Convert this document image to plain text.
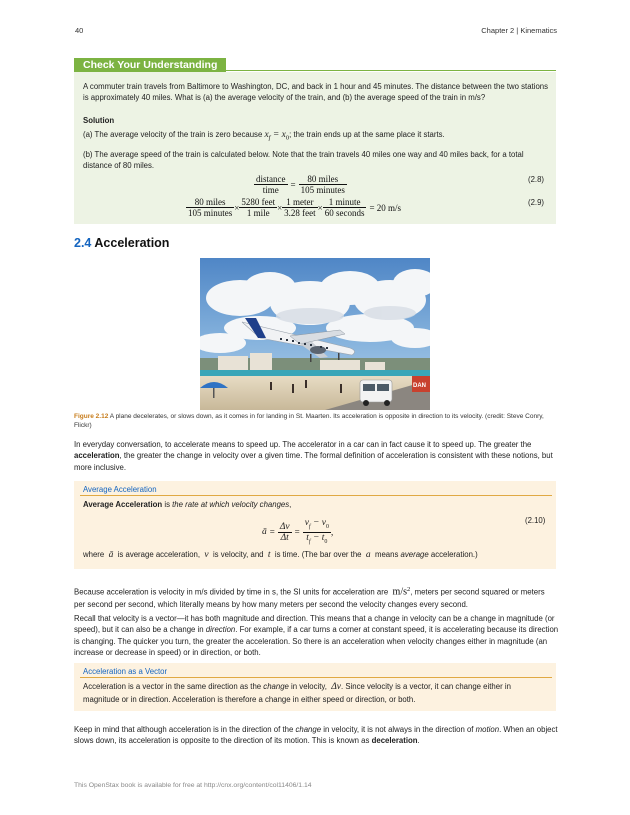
40	Chapter 2 | Kinematics
Check Your Understanding
A commuter train travels from Baltimore to Washington, DC, and back in 1 hour and 45 minutes. The distance between the two stations is approximately 40 miles. What is (a) the average velocity of the train, and (b) the average speed of the train in m/s?
Solution
(a) The average velocity of the train is zero because $x_f = x_0$; the train ends up at the same place it starts.
(b) The average speed of the train is calculated below. Note that the train travels 40 miles one way and 40 miles back, for a total distance of 80 miles.
$\frac{\text{distance}}{\text{time}} = \frac{\text{80 miles}}{\text{105 minutes}}$	(2.8)
$\frac{\text{80 miles}}{\text{105 minutes}} \times \frac{\text{5280 feet}}{\text{1 mile}} \times \frac{\text{1 meter}}{\text{3.28 feet}} \times \frac{\text{1 minute}}{\text{60 seconds}} = 20$ m/s	(2.9)
2.4 Acceleration
DAN
Figure 2.12 A plane decelerates, or slows down, as it comes in for landing in St. Maarten. Its acceleration is opposite in direction to its velocity. (credit: Steve Conry, Flickr)
In everyday conversation, to accelerate means to speed up. The accelerator in a car can in fact cause it to speed up. The greater the acceleration, the greater the change in velocity over a given time. The formal definition of acceleration is consistent with these notions, but more inclusive.
Average Acceleration
Average Acceleration is the rate at which velocity changes,
ā = $\frac{\Delta v}{\Delta t} = \frac{v_f - v_0}{t_f - t_0}$ ,
(2.10)
where ā is average acceleration, v is velocity, and t is time. (The bar over the a means average acceleration.)
Because acceleration is velocity in m/s divided by time in s, the SI units for acceleration are $m/s^2$, meters per second squared or meters per second per second, which literally means by how many meters per second the velocity changes every second.
Recall that velocity is a vector—it has both magnitude and direction. This means that a change in velocity can be a change in magnitude (or speed), but it can also be a change in direction. For example, if a car turns a corner at constant speed, it is accelerating because its direction is changing. The quicker you turn, the greater the acceleration. So there is an acceleration when velocity changes either in magnitude (an increase or decrease in speed) or in direction, or both.
Acceleration as a Vector
Acceleration is a vector in the same direction as the change in velocity, Δv. Since velocity is a vector, it can change either in magnitude or in direction. Acceleration is therefore a change in either speed or direction, or both.
Keep in mind that although acceleration is in the direction of the change in velocity, it is not always in the direction of motion. When an object slows down, its acceleration is opposite to the direction of its motion. This is known as deceleration.
This OpenStax book is available for free at http://cnx.org/content/col11406/1.14
